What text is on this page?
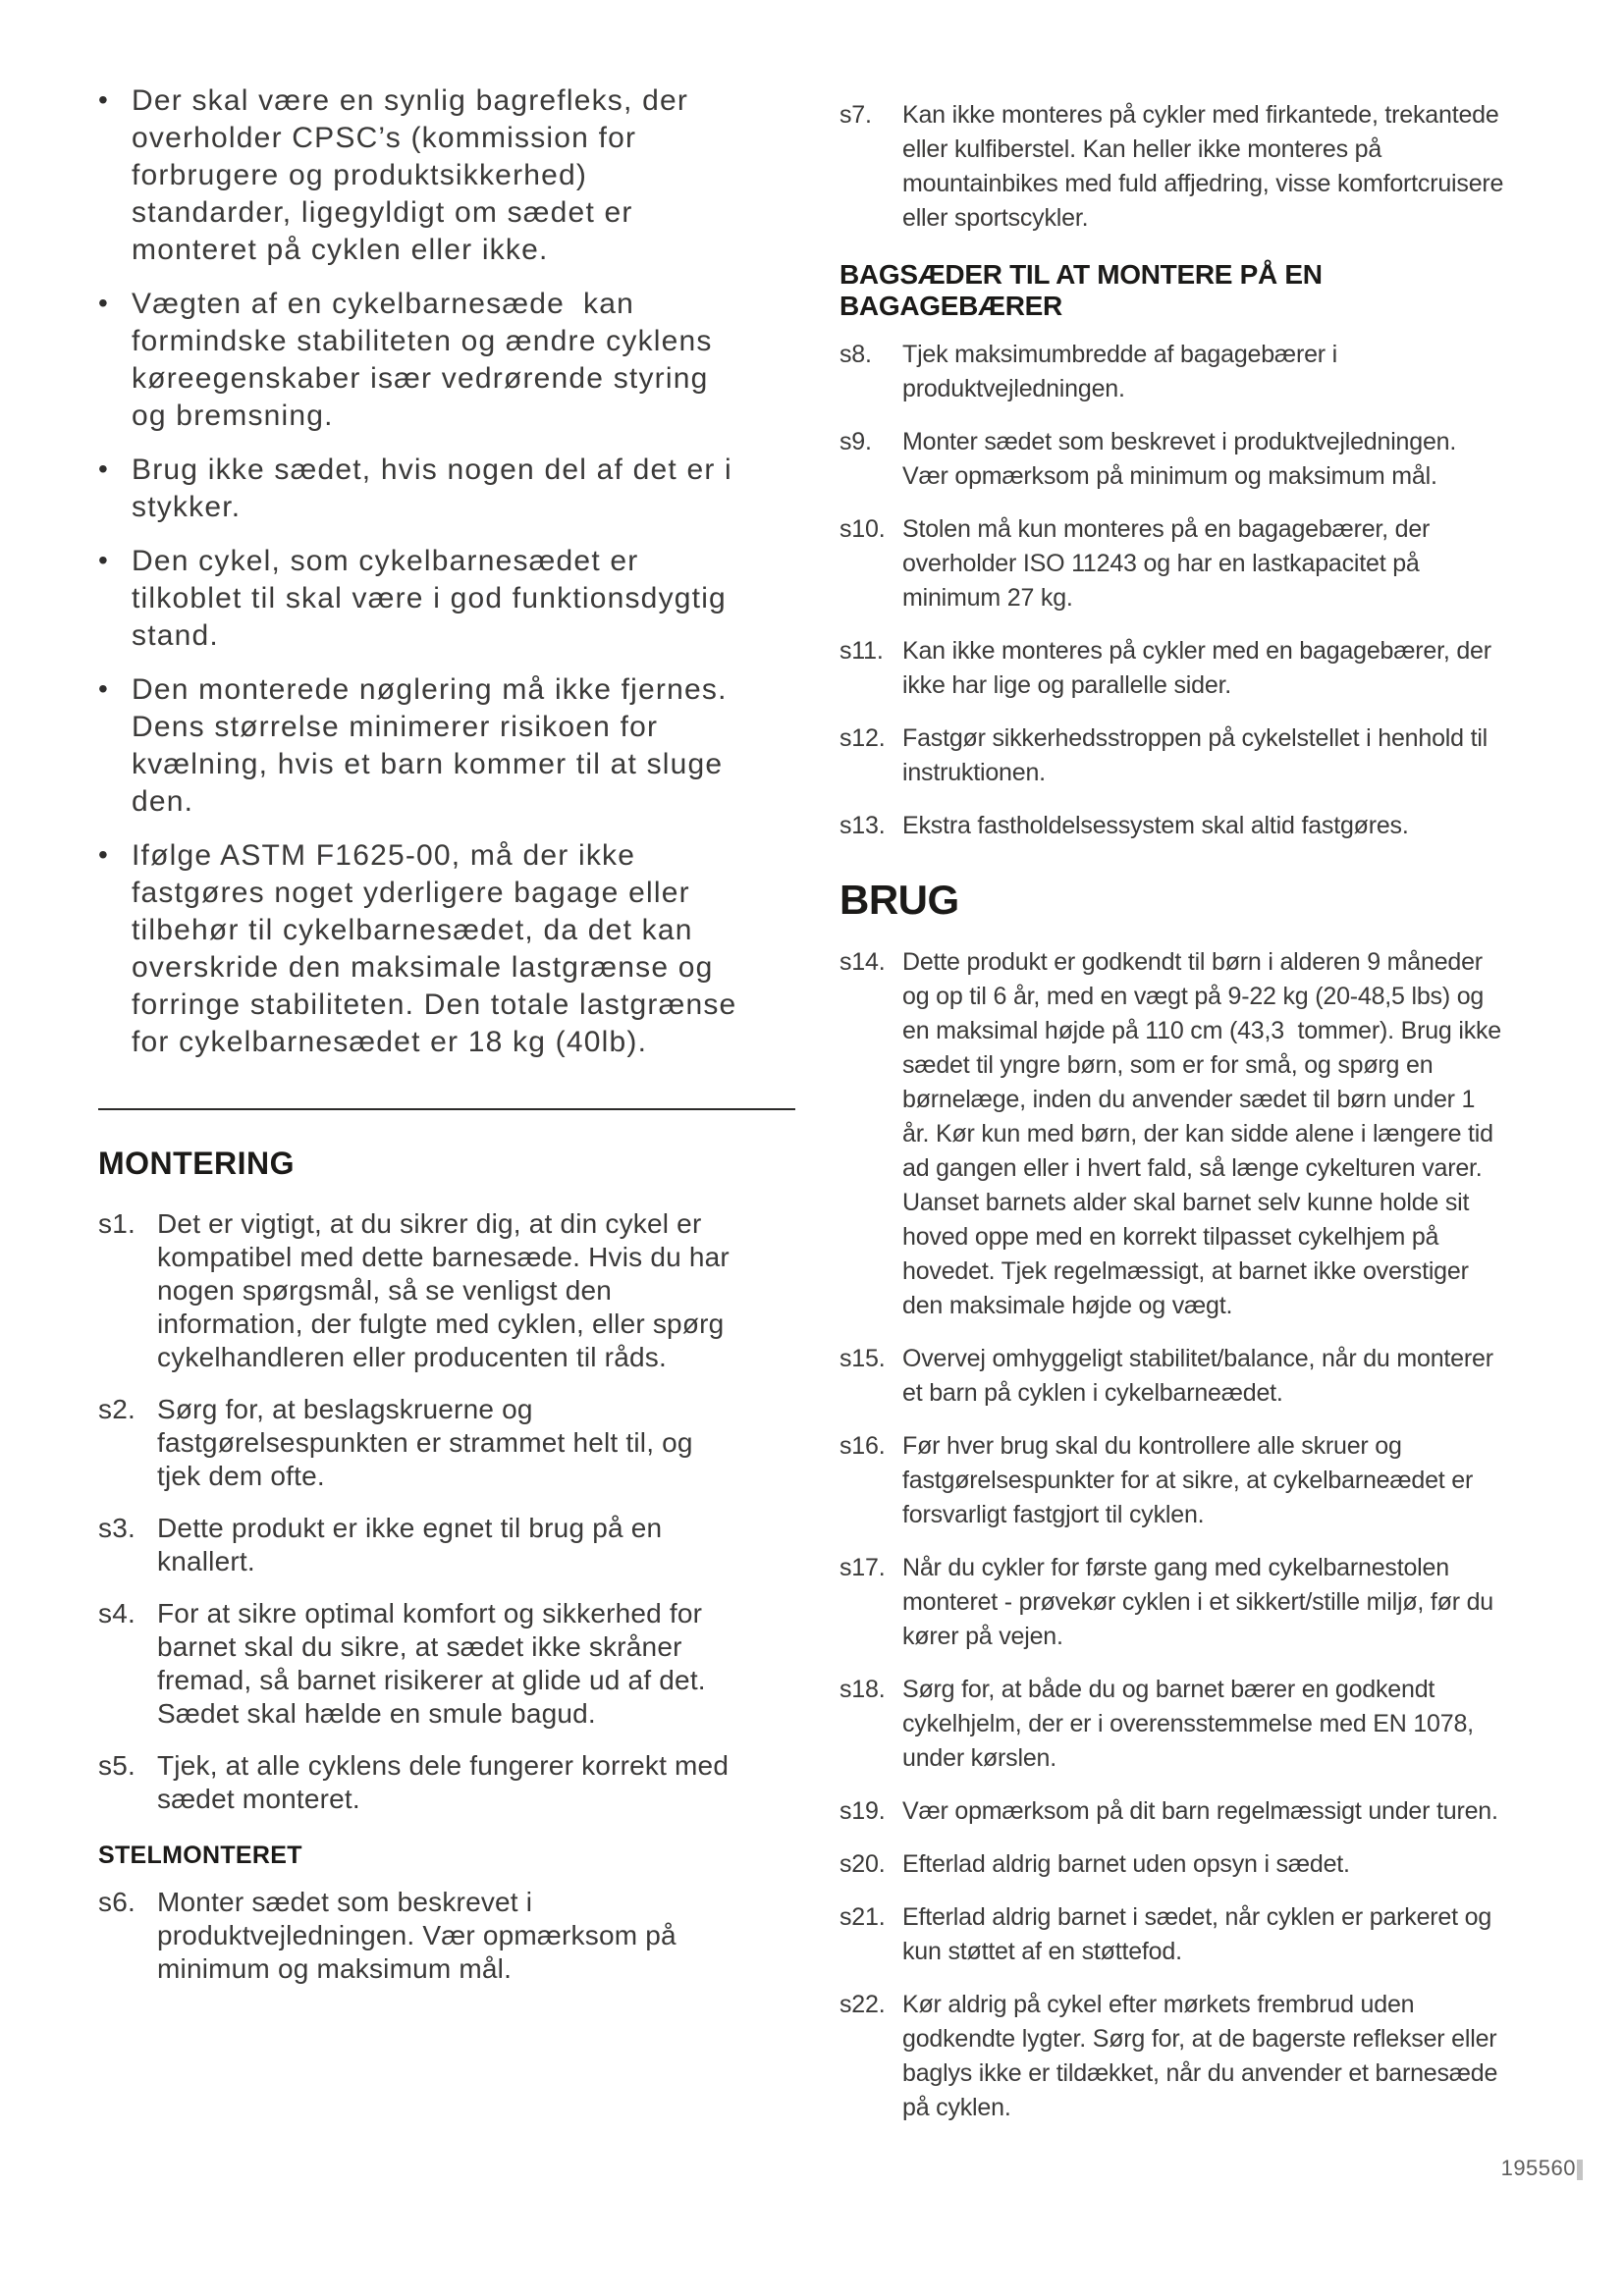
• Der skal være en synlig bagrefleks, der overholder CPSC’s (kommission for forbrugere og produktsikkerhed) standarder, ligegyldigt om sædet er monteret på cyklen eller ikke.
• Vægten af en cykelbarnesæde  kan formindske stabiliteten og ændre cyklens køreegenskaber især vedrørende styring og bremsning.
• Brug ikke sædet, hvis nogen del af det er i stykker.
• Den cykel, som cykelbarnesædet er tilkoblet til skal være i god funktionsdygtig stand.
• Den monterede nøglering må ikke fjernes. Dens størrelse minimerer risikoen for kvælning, hvis et barn kommer til at sluge den.
• Ifølge ASTM F1625-00, må der ikke fastgøres noget yderligere bagage eller tilbehør til cykelbarnesædet, da det kan overskride den maksimale lastgrænse og forringe stabiliteten. Den totale lastgrænse for cykelbarnesædet er 18 kg (40lb).
MONTERING
s1. Det er vigtigt, at du sikrer dig, at din cykel er kompatibel med dette barnesæde. Hvis du har nogen spørgsmål, så se venligst den information, der fulgte med cyklen, eller spørg cykelhandleren eller producenten til råds.
s2. Sørg for, at beslagskruerne og fastgørelsespunkten er strammet helt til, og tjek dem ofte.
s3. Dette produkt er ikke egnet til brug på en knallert.
s4. For at sikre optimal komfort og sikkerhed for barnet skal du sikre, at sædet ikke skråner fremad, så barnet risikerer at glide ud af det. Sædet skal hælde en smule bagud.
s5. Tjek, at alle cyklens dele fungerer korrekt med sædet monteret.
STELMONTERET
s6. Monter sædet som beskrevet i produktvejledningen. Vær opmærksom på minimum og maksimum mål.
s7. Kan ikke monteres på cykler med firkantede, trekantede eller kulfiberstel. Kan heller ikke monteres på mountainbikes med fuld affjedring, visse komfortcruisere eller sportscykler.
BAGSÆDER TIL AT MONTERE PÅ EN BAGAGEBÆRER
s8. Tjek maksimumbredde af bagagebærer i produktvejledningen.
s9. Monter sædet som beskrevet i produktvejledningen. Vær opmærksom på minimum og maksimum mål.
s10. Stolen må kun monteres på en bagagebærer, der overholder ISO 11243 og har en lastkapacitet på minimum 27 kg.
s11. Kan ikke monteres på cykler med en bagagebærer, der ikke har lige og parallelle sider.
s12. Fastgør sikkerhedsstroppen på cykelstellet i henhold til instruktionen.
s13. Ekstra fastholdelsessystem skal altid fastgøres.
BRUG
s14. Dette produkt er godkendt til børn i alderen 9 måneder og op til 6 år, med en vægt på 9-22 kg (20-48,5 lbs) og en maksimal højde på 110 cm (43,3  tommer). Brug ikke sædet til yngre børn, som er for små, og spørg en børnelæge, inden du anvender sædet til børn under 1 år. Kør kun med børn, der kan sidde alene i længere tid ad gangen eller i hvert fald, så længe cykelturen varer. Uanset barnets alder skal barnet selv kunne holde sit hoved oppe med en korrekt tilpasset cykelhjem på hovedet. Tjek regelmæssigt, at barnet ikke overstiger den maksimale højde og vægt.
s15. Overvej omhyggeligt stabilitet/balance, når du monterer et barn på cyklen i cykelbarneædet.
s16. Før hver brug skal du kontrollere alle skruer og fastgørelsespunkter for at sikre, at cykelbarneædet er forsvarligt fastgjort til cyklen.
s17. Når du cykler for første gang med cykelbarnestolen monteret - prøvekør cyklen i et sikkert/stille miljø, før du kører på vejen.
s18. Sørg for, at både du og barnet bærer en godkendt cykelhjelm, der er i overensstemmelse med EN 1078, under kørslen.
s19. Vær opmærksom på dit barn regelmæssigt under turen.
s20. Efterlad aldrig barnet uden opsyn i sædet.
s21. Efterlad aldrig barnet i sædet, når cyklen er parkeret og kun støttet af en støttefod.
s22. Kør aldrig på cykel efter mørkets frembrud uden godkendte lygter. Sørg for, at de bagerste reflekser eller baglys ikke er tildækket, når du anvender et barnesæde på cyklen.
195560
